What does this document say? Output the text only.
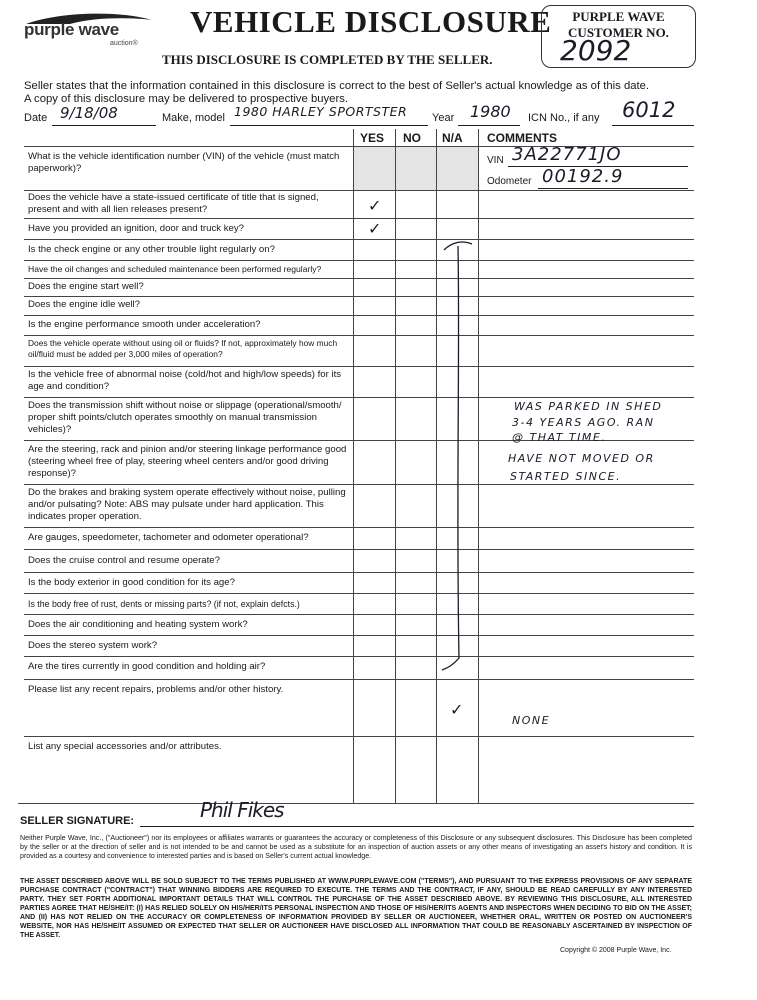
purple wave
auction®
VEHICLE DISCLOSURE
THIS DISCLOSURE IS COMPLETED BY THE SELLER.
PURPLE WAVE
CUSTOMER NO.
2092
Seller states that the information contained in this disclosure is correct to the best of Seller's actual knowledge as of this date.
A copy of this disclosure may be delivered to prospective buyers.
Date 9/18/08	Make, model 1980 HARLEY SPORTSTER Year 1980 ICN No., if any 6012
YES NO N/A COMMENTS
What is the vehicle identification number (VIN) of the vehicle (must match paperwork)?
Does the vehicle have a state-issued certificate of title that is signed, present and with all lien releases present?
Have you provided an ignition, door and truck key?
Is the check engine or any other trouble light regularly on?
Have the oil changes and scheduled maintenance been performed regularly?
Does the engine start well?
Does the engine idle well?
Is the engine performance smooth under acceleration?
Does the vehicle operate without using oil or fluids? If not, approximately how much oil/fluid must be added per 3,000 miles of operation?
Is the vehicle free of abnormal noise (cold/hot and high/low speeds) for its age and condition?
Does the transmission shift without noise or slippage (operational/smooth/ proper shift points/clutch operates smoothly on manual transmission vehicles)?
Are the steering, rack and pinion and/or steering linkage performance good (steering wheel free of play, steering wheel centers and/or good driving response)?
Do the brakes and braking system operate effectively without noise, pulling and/or pulsating? Note: ABS may pulsate under hard application. This indicates proper operation.
Are gauges, speedometer, tachometer and odometer operational?
Does the cruise control and resume operate?
Is the body exterior in good condition for its age?
Is the body free of rust, dents or missing parts? (if not, explain defcts.)
Does the air conditioning and heating system work?
Does the stereo system work?
Are the tires currently in good condition and holding air?
Please list any recent repairs, problems and/or other history.
List any special accessories and/or attributes.
VIN 3A22771JO
Odometer 00192.9
✓
✓
✓
WAS PARKED IN SHED
3-4 YEARS AGO. RAN
@ THAT TIME.
HAVE NOT MOVED OR
STARTED SINCE.
NONE
SELLER SIGNATURE:	Phil Fikes
Neither Purple Wave, Inc., ("Auctioneer") nor its employees or affiliates warrants or guarantees the accuracy or completeness of this Disclosure or any subsequent disclosures. This Disclosure has been completed by the seller or at the direction of seller and is not intended to be and cannot be used as a substitute for an inspection of auction assets or any other means of investigating an asset's history and condition. It is provided as a courtesy and convenience to interested parties and is based on Seller's current actual knowledge.
THE ASSET DESCRIBED ABOVE WILL BE SOLD SUBJECT TO THE TERMS PUBLISHED AT WWW.PURPLEWAVE.COM ("TERMS"), AND PURSUANT TO THE EXPRESS PROVISIONS OF ANY SEPARATE PURCHASE CONTRACT ("CONTRACT") THAT WINNING BIDDERS ARE REQUIRED TO EXECUTE. THE TERMS AND THE CONTRACT, IF ANY, SHOULD BE READ CAREFULLY BY ANY INTERESTED PARTY. THEY SET FORTH ADDITIONAL IMPORTANT DETAILS THAT WILL CONTROL THE PURCHASE OF THE ASSET DESCRIBED ABOVE. BY REVIEWING THIS DISCLOSURE, ALL INTERESTED PARTIES AGREE THAT HE/SHE/IT: (I) HAS RELIED SOLELY ON HIS/HER/ITS PERSONAL INSPECTION AND THOSE OF HIS/HER/ITS AGENTS AND INSPECTORS WHEN DECIDING TO BID ON THE ASSET; AND (II) HAS NOT RELIED ON THE ACCURACY OR COMPLETENESS OF INFORMATION PROVIDED BY SELLER OR AUCTIONEER, WHETHER ORAL, WRITTEN OR POSTED ON AUCTIONEER'S WEBSITE, NOR HAS HE/SHE/IT ASSUMED OR EXPECTED THAT SELLER OR AUCTIONEER HAVE DISCLOSED ALL INFORMATION THAT COULD BE REASONABLY ASCERTAINED BY INSPECTION OF THE ASSET.
Copyright © 2008 Purple Wave, Inc.
